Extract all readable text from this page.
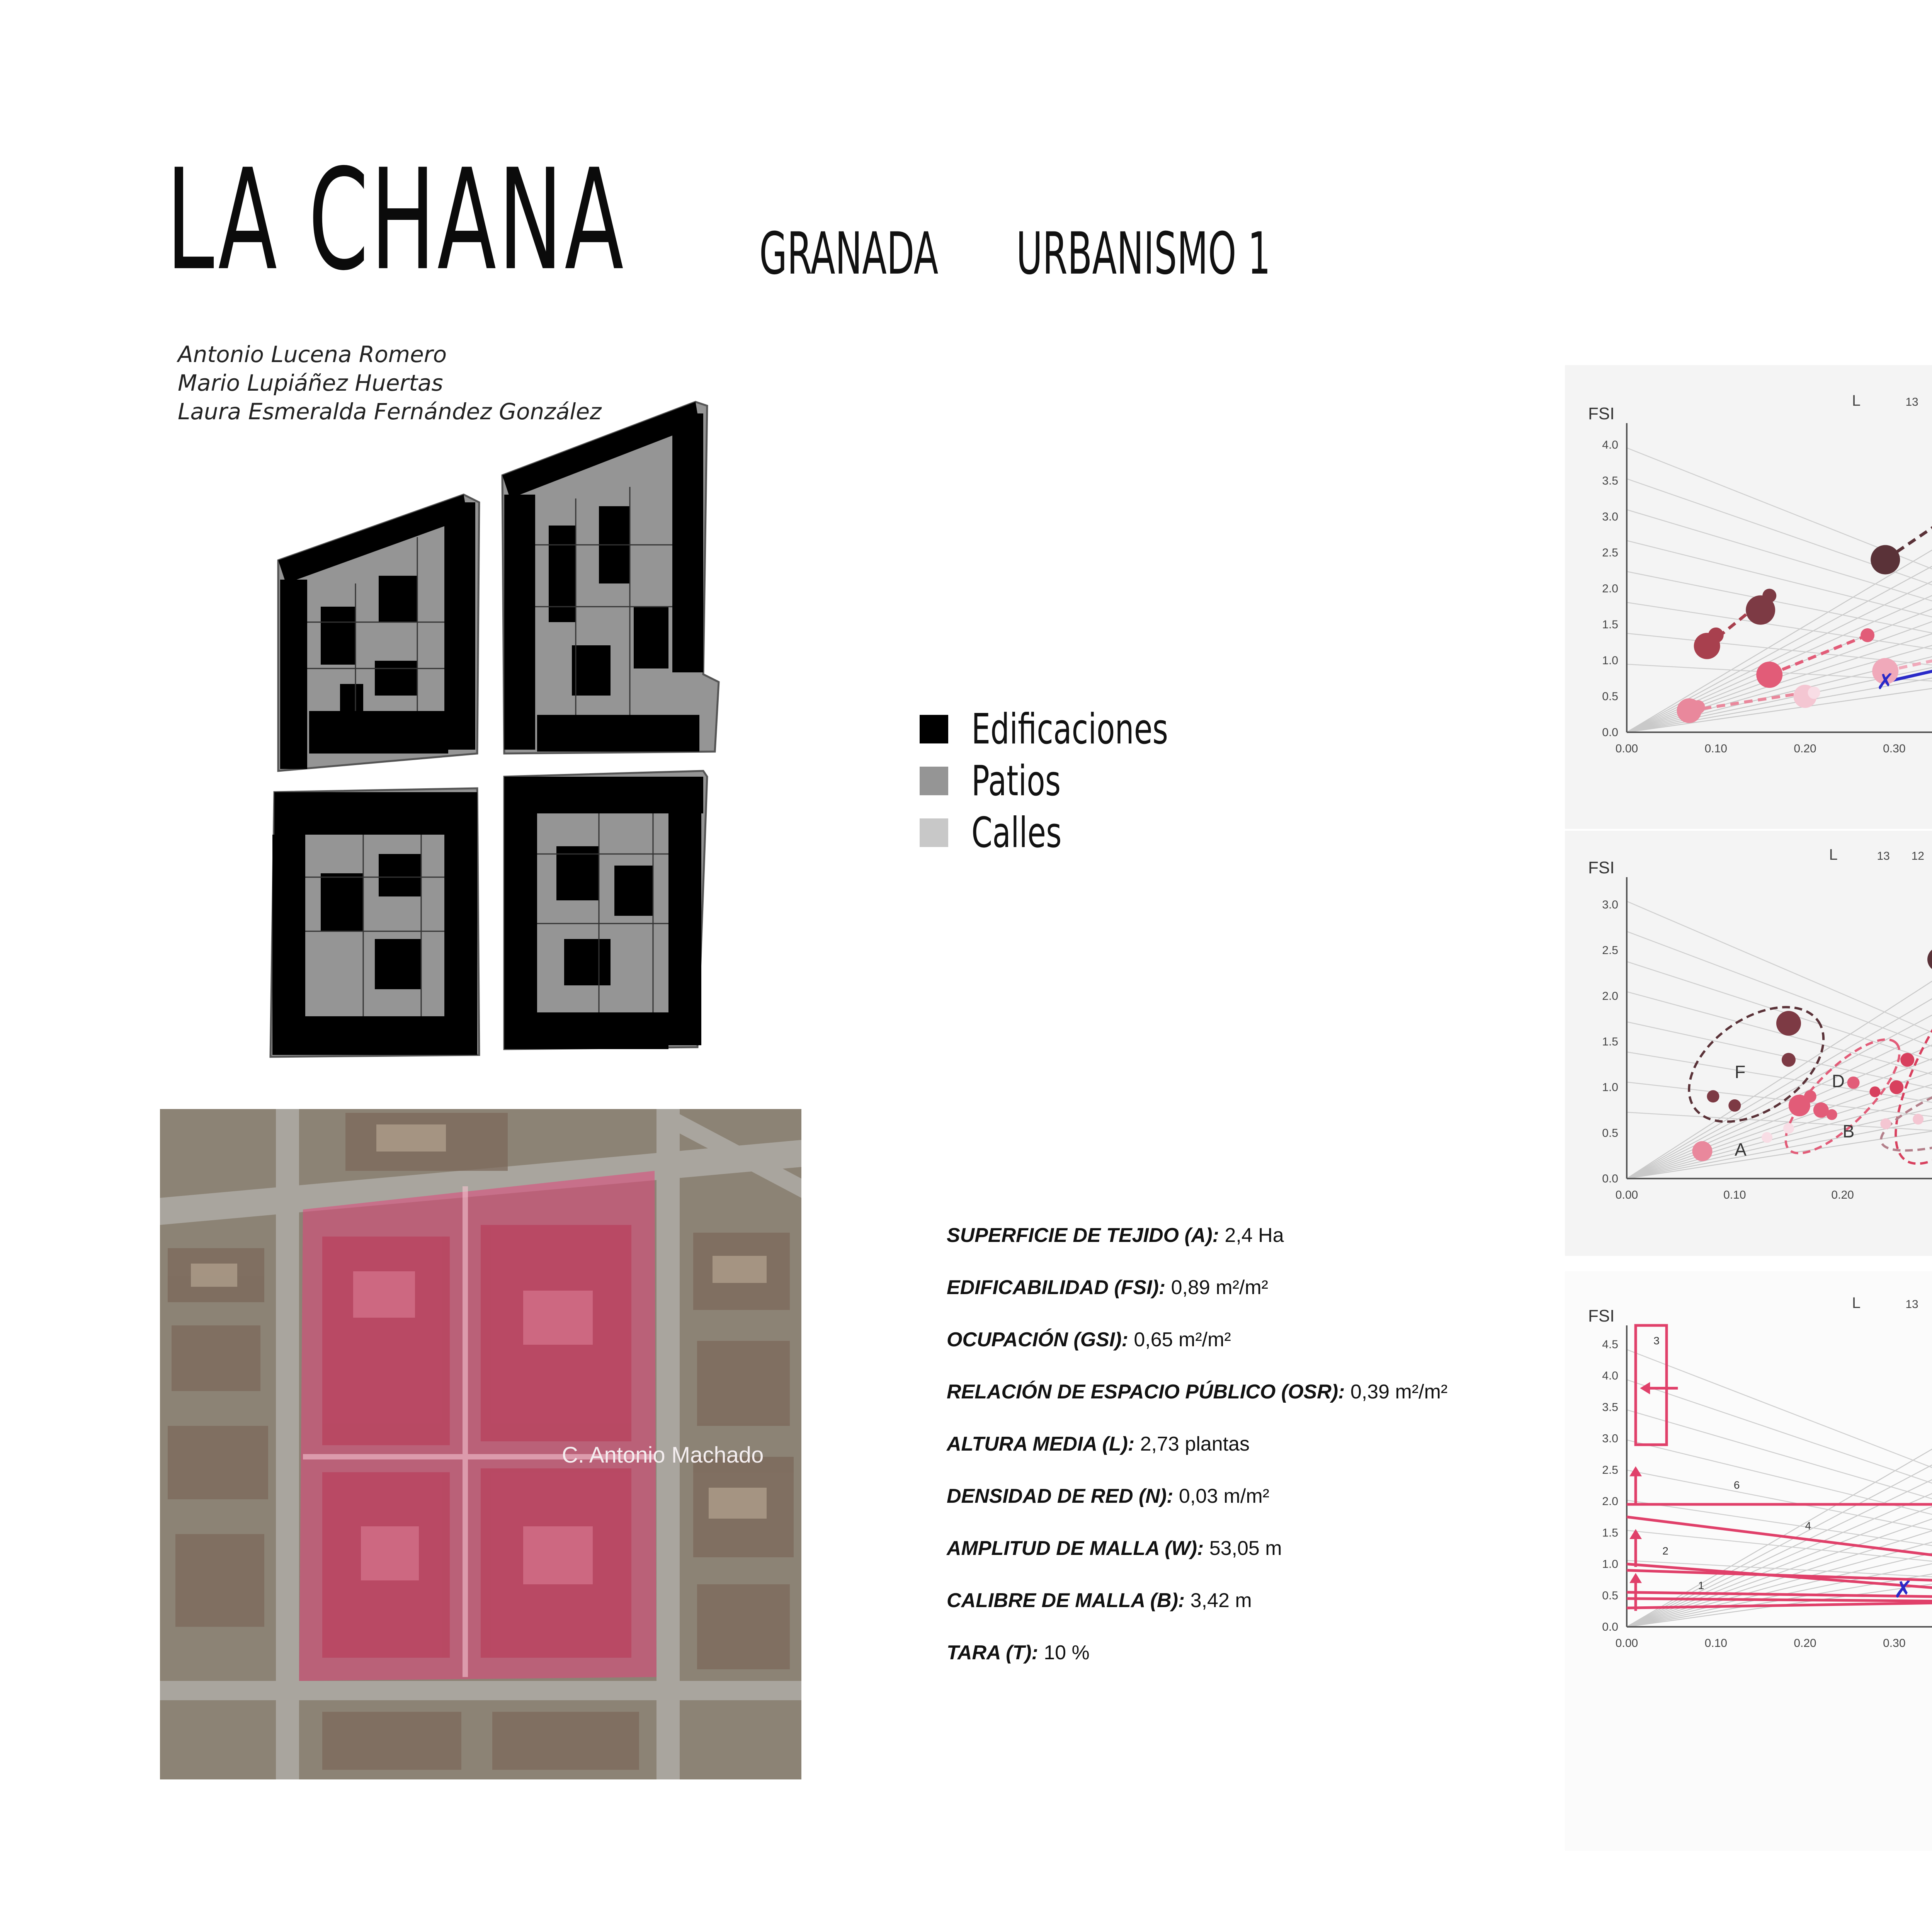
LA CHANA GRANADA URBANISMO 1
Antonio Lucena Romero
Mario Lupiáñez Huertas
Laura Esmeralda Fernández González
Edificaciones
Patios
Calles
C. Antonio Machado
SUPERFICIE DE TEJIDO (A): 2,4 Ha
EDIFICABILIDAD (FSI): 0,89 m²/m²
OCUPACIÓN (GSI): 0,65 m²/m²
RELACIÓN DE ESPACIO PÚBLICO (OSR): 0,39 m²/m²
ALTURA MEDIA (L): 2,73 plantas
DENSIDAD DE RED (N): 0,03 m/m²
AMPLITUD DE MALLA (W): 53,05 m
CALIBRE DE MALLA (B): 3,42 m
TARA (T): 10 %
0.00	0.10	0.20	0.30
0.0
0.5
1.0
1.5
2.0
2.5
3.0
3.5
4.0
FSI
L	13
✗
0.00	0.10	0.20
0.0
0.5
1.0
1.5
2.0
2.5
3.0
FSI
L	13 12
A
B
D
F
0.00	0.10	0.20	0.30
0.0
0.5
1.0
1.5
2.0
2.5
3.0
3.5
4.0
4.5
FSI
L	13
1
2
3
4
6
✗
